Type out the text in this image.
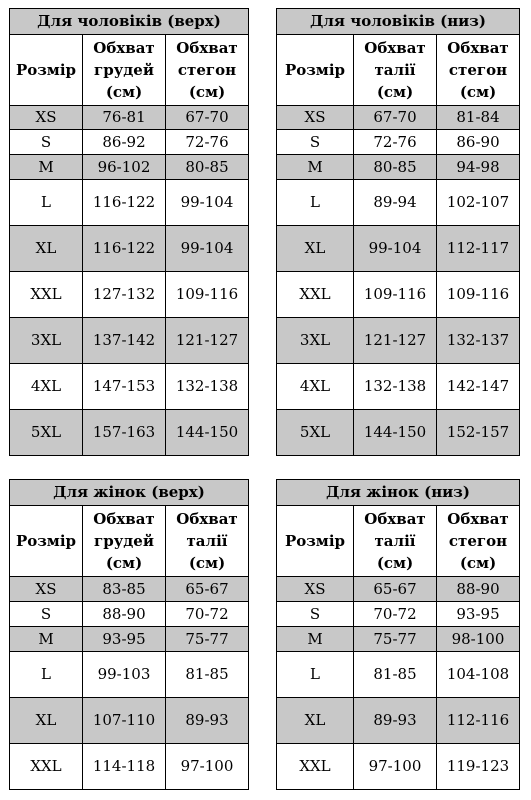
Для чоловіків (верх)		
Розмір	Обхват грудей (см)	Обхват стегон (см)
XS	76-81	67-70
S	86-92	72-76
M	96-102	80-85
L	116-122	99-104
XL	116-122	99-104
XXL	127-132	109-116
3XL	137-142	121-127
4XL	147-153	132-138
5XL	157-163	144-150
Для чоловіків (низ)		
Розмір	Обхват талії (см)	Обхват стегон (см)
XS	67-70	81-84
S	72-76	86-90
M	80-85	94-98
L	89-94	102-107
XL	99-104	112-117
XXL	109-116	109-116
3XL	121-127	132-137
4XL	132-138	142-147
5XL	144-150	152-157
Для жінок (верх)		
Розмір	Обхват грудей (см)	Обхват талії (см)
XS	83-85	65-67
S	88-90	70-72
M	93-95	75-77
L	99-103	81-85
XL	107-110	89-93
XXL	114-118	97-100
Для жінок (низ)		
Розмір	Обхват талії (см)	Обхват стегон (см)
XS	65-67	88-90
S	70-72	93-95
M	75-77	98-100
L	81-85	104-108
XL	89-93	112-116
XXL	97-100	119-123
